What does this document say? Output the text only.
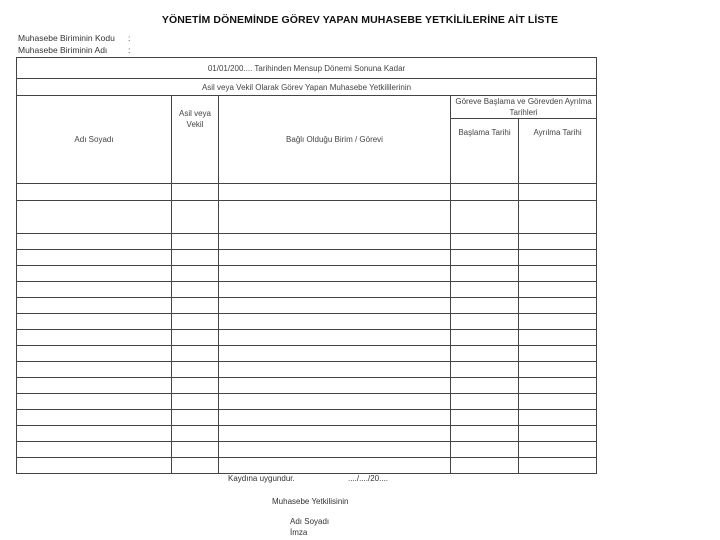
YÖNETİM DÖNEMİNDE GÖREV YAPAN MUHASEBE YETKİLİLERİNE AİT LİSTE
Muhasebe Biriminin Kodu :
Muhasebe Biriminin Adı :
01/01/200.... Tarihinden Mensup Dönemi Sonuna Kadar				
Asil veya Vekil Olarak Görev Yapan Muhasebe Yetkililerinin				
Adı Soyadı	Asil veya Vekil	Bağlı Olduğu Birim / Görevi	Göreve Başlama ve Görevden Ayrılma Tarihleri	
			Başlama Tarihi	Ayrılma Tarihi

Kaydına uygundur.	..../..../20....
Muhasebe Yetkilisinin
Adı Soyadı
İmza
